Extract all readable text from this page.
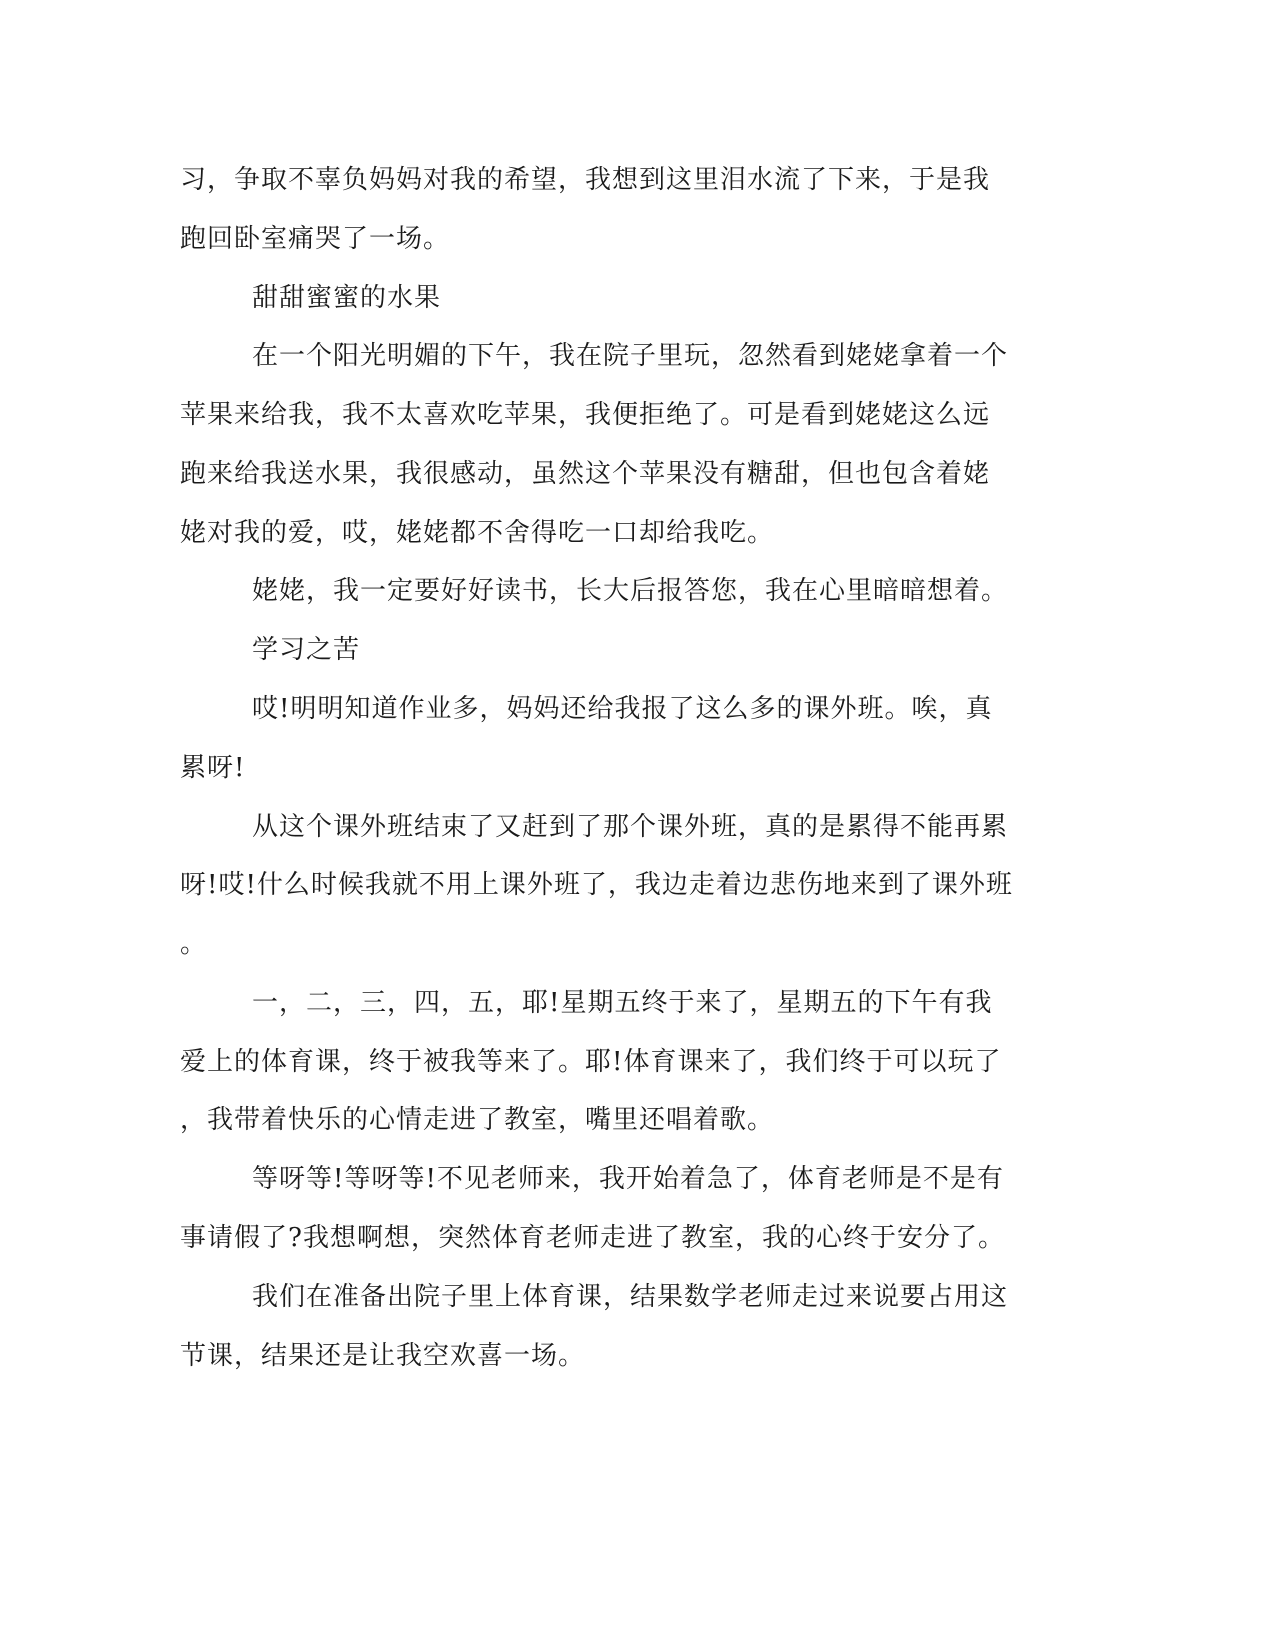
习，争取不辜负妈妈对我的希望，我想到这里泪水流了下来，于是我
跑回卧室痛哭了一场。
甜甜蜜蜜的水果
在一个阳光明媚的下午，我在院子里玩，忽然看到姥姥拿着一个
苹果来给我，我不太喜欢吃苹果，我便拒绝了。可是看到姥姥这么远
跑来给我送水果，我很感动，虽然这个苹果没有糖甜，但也包含着姥
姥对我的爱，哎，姥姥都不舍得吃一口却给我吃。
姥姥，我一定要好好读书，长大后报答您，我在心里暗暗想着。
学习之苦
哎!明明知道作业多，妈妈还给我报了这么多的课外班。唉，真
累呀!
从这个课外班结束了又赶到了那个课外班，真的是累得不能再累
呀!哎!什么时候我就不用上课外班了，我边走着边悲伤地来到了课外班
。
一，二，三，四，五，耶!星期五终于来了，星期五的下午有我
爱上的体育课，终于被我等来了。耶!体育课来了，我们终于可以玩了
，我带着快乐的心情走进了教室，嘴里还唱着歌。
等呀等!等呀等!不见老师来，我开始着急了，体育老师是不是有
事请假了?我想啊想，突然体育老师走进了教室，我的心终于安分了。
我们在准备出院子里上体育课，结果数学老师走过来说要占用这
节课，结果还是让我空欢喜一场。
